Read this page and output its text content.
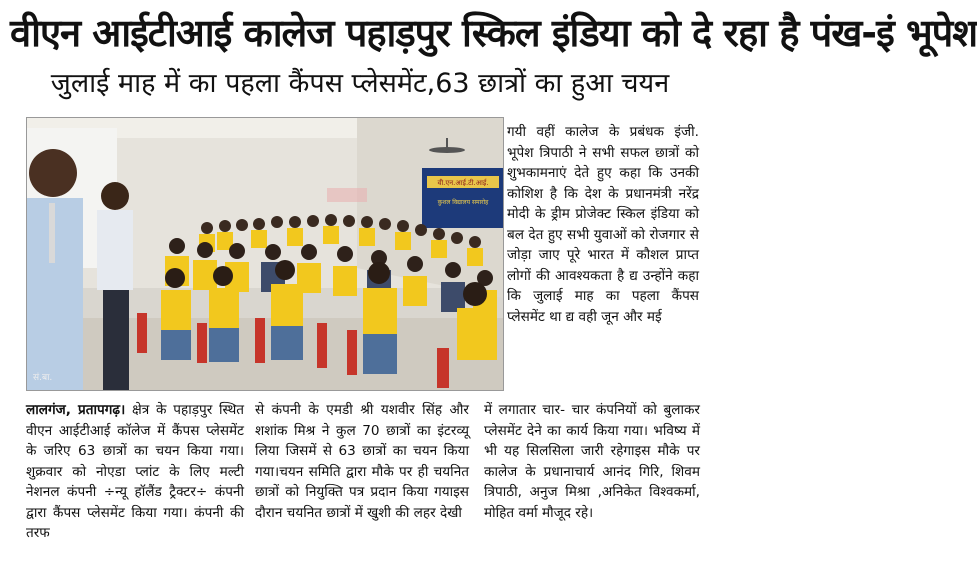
वीएन आईटीआई कालेज पहाड़पुर स्किल इंडिया को दे रहा है पंख-इं भूपेश
जुलाई माह में का पहला कैंपस प्लेसमेंट,63 छात्रों का हुआ चयन
वी.एन.आई.टी.आई.
कुशल विद्यालय समारोह
सं.बा.

गयी वहीं कालेज के प्रबंधक इंजी. भूपेश त्रिपाठी ने सभी सफल छात्रों को शुभकामनाएं देते हुए कहा कि उनकी कोशिश है कि देश के प्रधानमंत्री नरेंद्र मोदी के ड्रीम प्रोजेक्ट स्किल इंडिया को बल देत हुए सभी युवाओं को रोजगार से जोड़ा जाए पूरे भारत में कौशल प्राप्त लोगों की आवश्यकता है द्य उन्होंने कहा कि जुलाई माह का पहला कैंपस प्लेसमेंट था द्य वही जून और मई

लालगंज, प्रतापगढ़। क्षेत्र के पहाड़पुर स्थित वीएन आईटीआई कॉलेज में कैंपस प्लेसमेंट के जरिए 63 छात्रों का चयन किया गया। शुक्रवार को नोएडा प्लांट के लिए मल्टी नेशनल कंपनी ÷न्यू हॉलैंड ट्रैक्टर÷ कंपनी द्वारा कैंपस प्लेसमेंट किया गया। कंपनी की तरफ

से कंपनी के एमडी श्री यशवीर सिंह और शशांक मिश्र ने कुल 70 छात्रों का इंटरव्यू लिया जिसमें से 63 छात्रों का चयन किया गया।चयन समिति द्वारा मौके पर ही चयनित छात्रों को नियुक्ति पत्र प्रदान किया गयाइस दौरान चयनित छात्रों में खुशी की लहर देखी

में लगातार चार- चार कंपनियों को बुलाकर प्लेसमेंट देने का कार्य किया गया। भविष्य में भी यह सिलसिला जारी रहेगाइस मौके पर कालेज के प्रधानाचार्य आनंद गिरि, शिवम त्रिपाठी, अनुज मिश्रा ,अनिकेत विश्वकर्मा, मोहित वर्मा मौजूद रहे।
